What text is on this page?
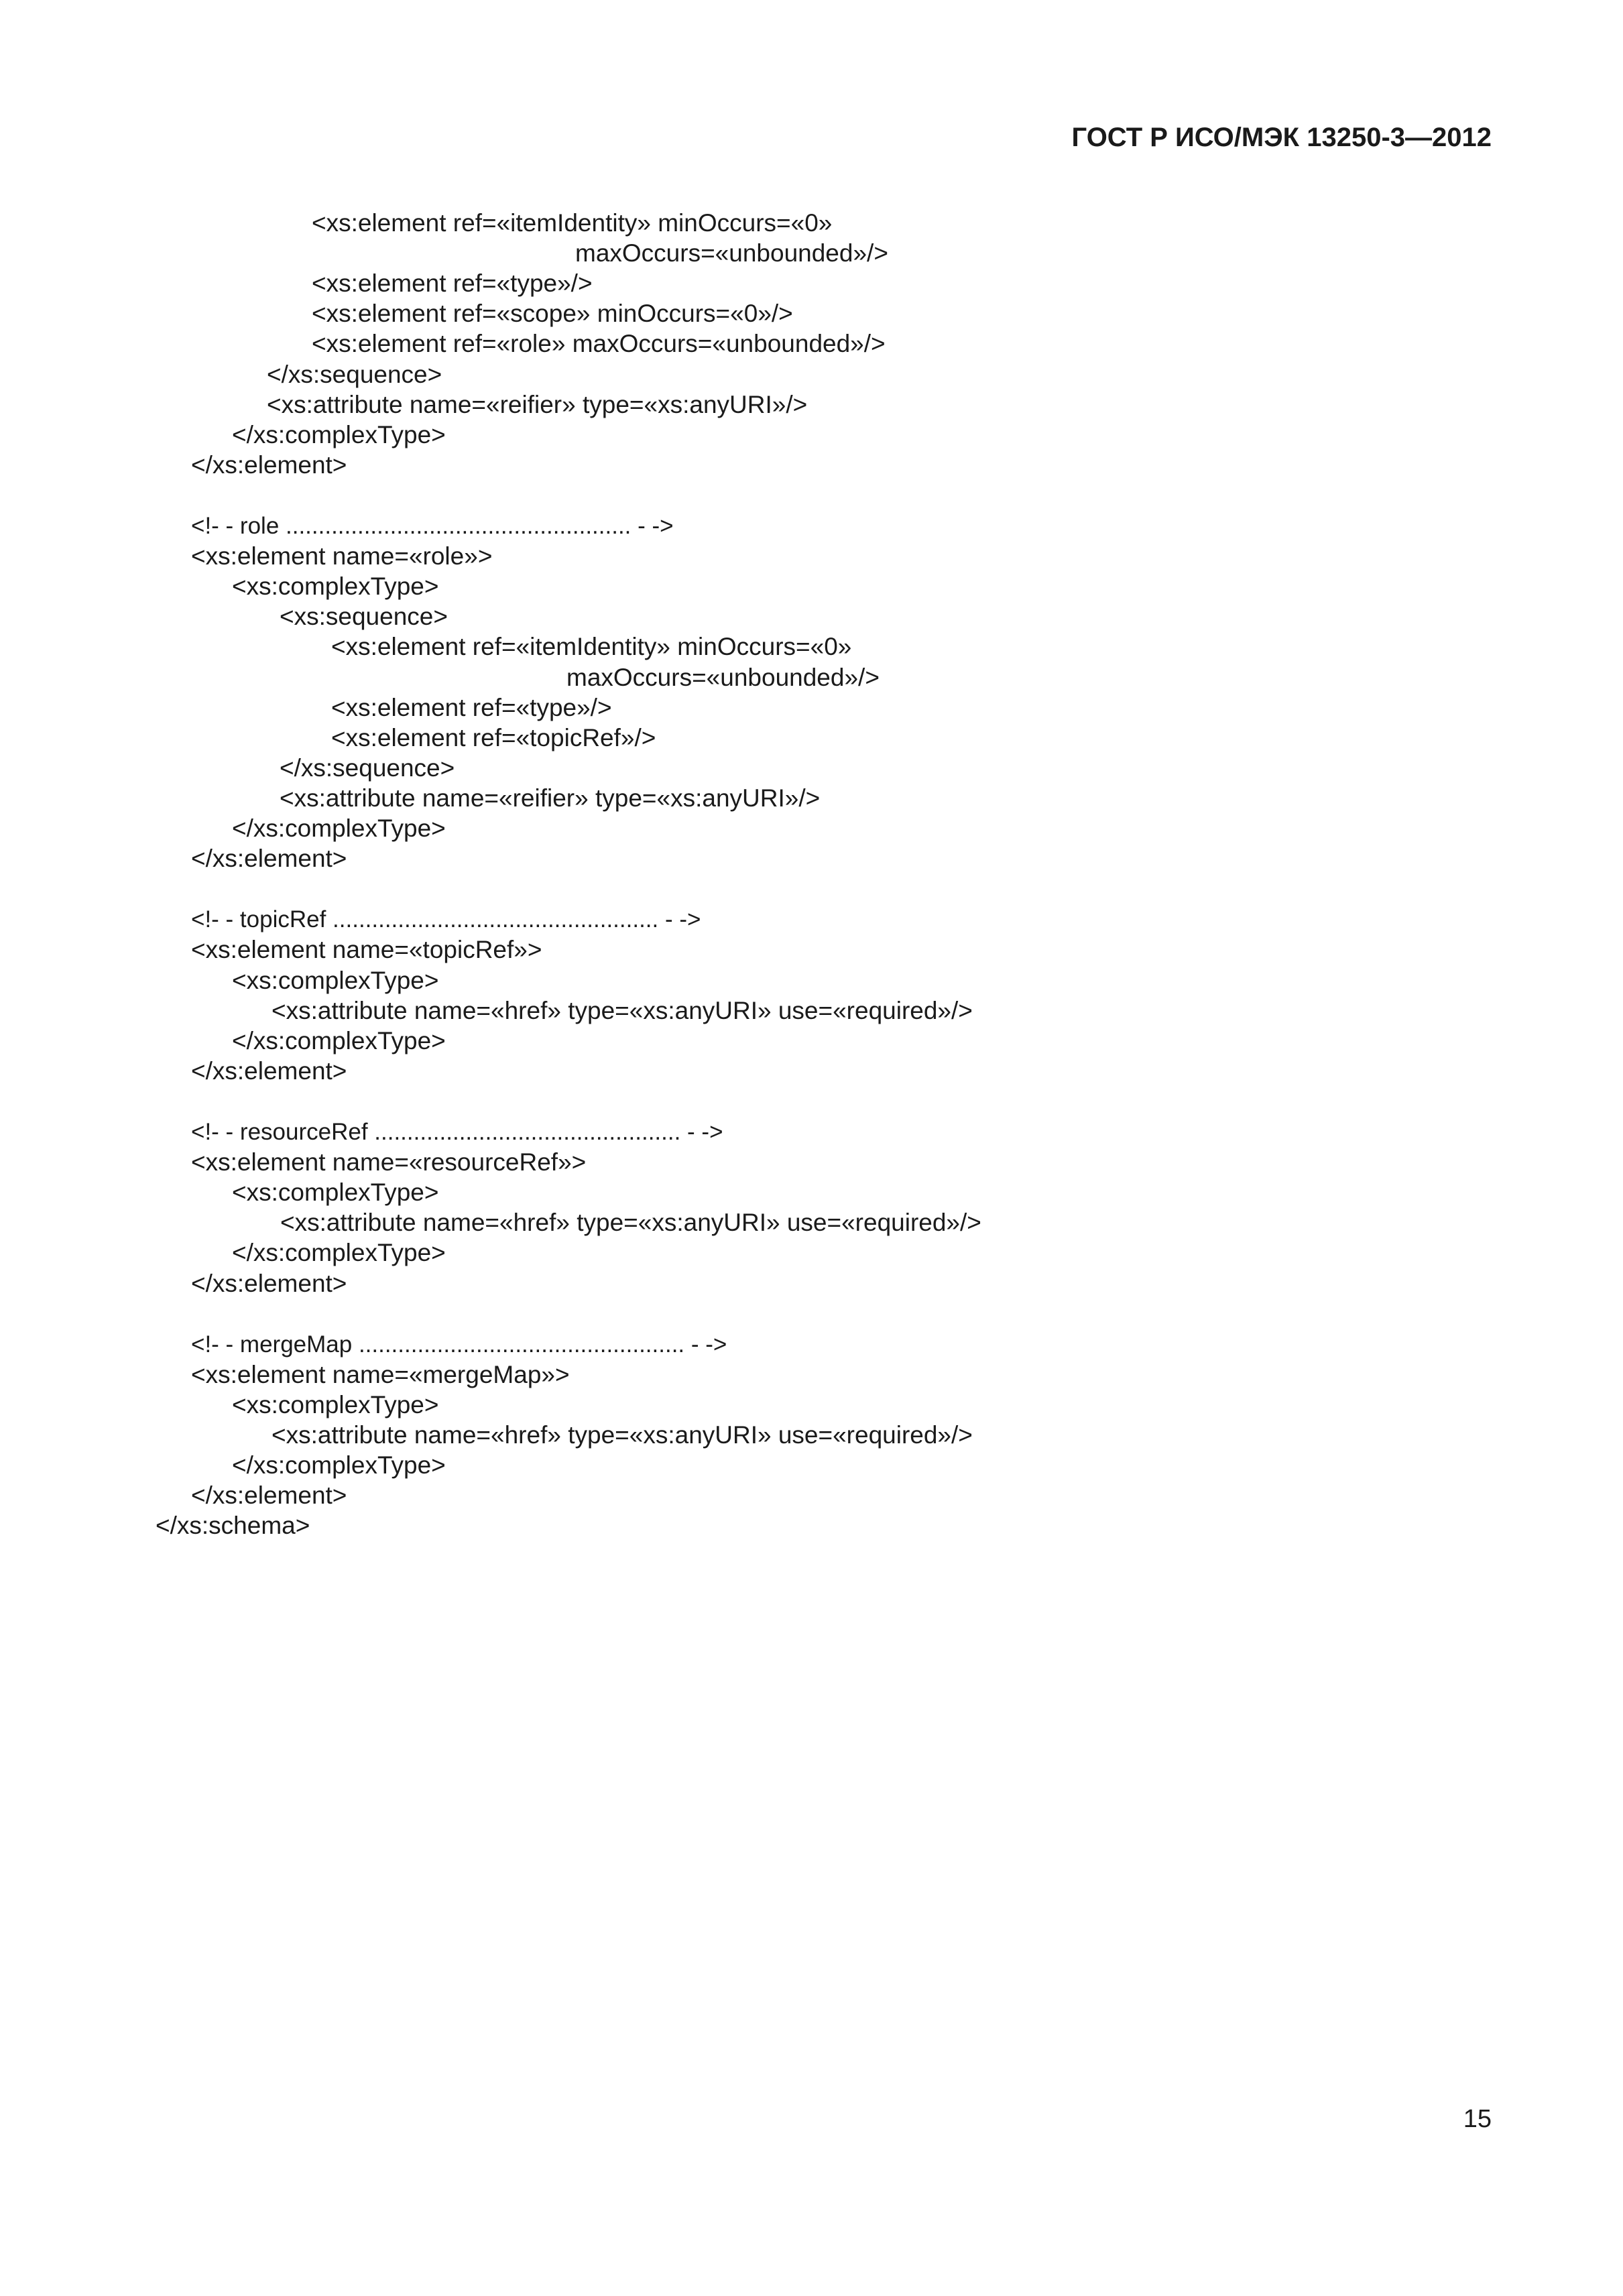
ГОСТ Р ИСО/МЭК 13250-3—2012
<xs:element ref=«itemIdentity» minOccurs=«0»
maxOccurs=«unbounded»/>
<xs:element ref=«type»/>
<xs:element ref=«scope» minOccurs=«0»/>
<xs:element ref=«role» maxOccurs=«unbounded»/>
</xs:sequence>
<xs:attribute name=«reifier» type=«xs:anyURI»/>
</xs:complexType>
</xs:element>
<!- - role ..................................................... - ->
<xs:element name=«role»>
<xs:complexType>
<xs:sequence>
<xs:element ref=«itemIdentity» minOccurs=«0»
maxOccurs=«unbounded»/>
<xs:element ref=«type»/>
<xs:element ref=«topicRef»/>
</xs:sequence>
<xs:attribute name=«reifier» type=«xs:anyURI»/>
</xs:complexType>
</xs:element>
<!- - topicRef .................................................. - ->
<xs:element name=«topicRef»>
<xs:complexType>
<xs:attribute name=«href» type=«xs:anyURI» use=«required»/>
</xs:complexType>
</xs:element>
<!- - resourceRef ............................................... - ->
<xs:element name=«resourceRef»>
<xs:complexType>
<xs:attribute name=«href» type=«xs:anyURI» use=«required»/>
</xs:complexType>
</xs:element>
<!- - mergeMap .................................................. - ->
<xs:element name=«mergeMap»>
<xs:complexType>
<xs:attribute name=«href» type=«xs:anyURI» use=«required»/>
</xs:complexType>
</xs:element>
</xs:schema>
15
